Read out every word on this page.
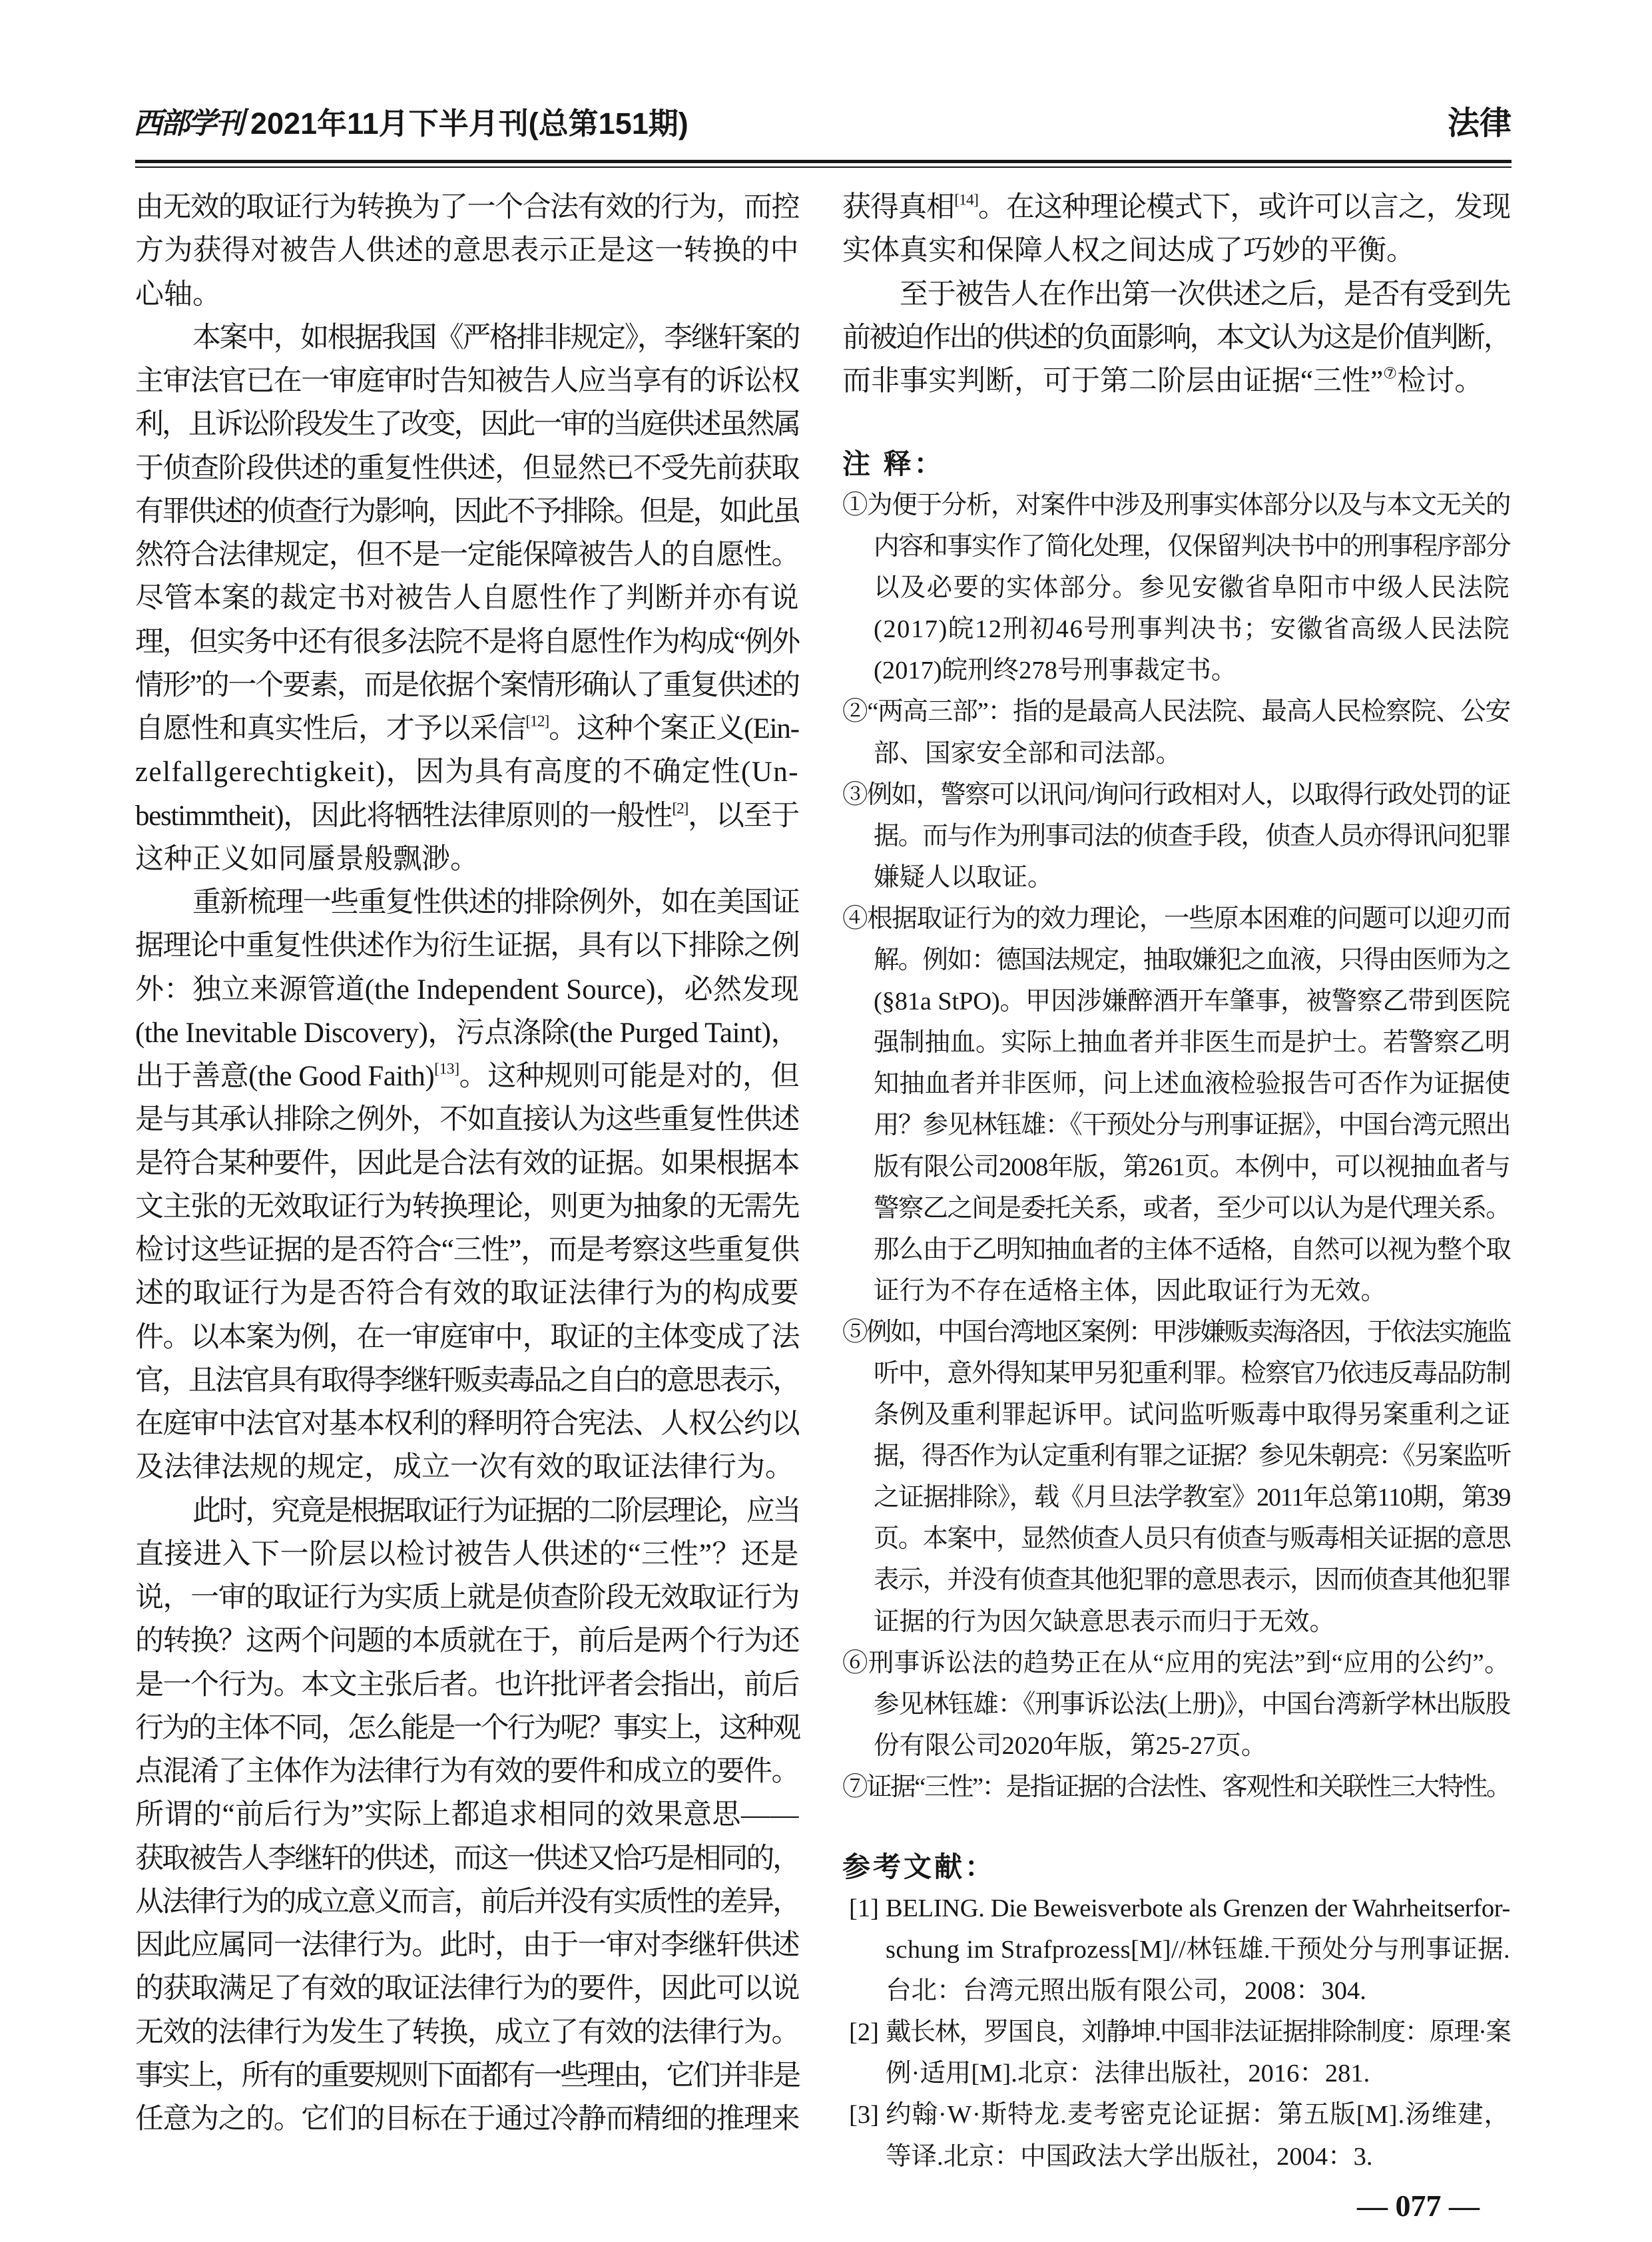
西部学刊 2021年11月下半月刊(总第151期)	法律
由无效的取证行为转换为了一个合法有效的行为，而控
方为获得对被告人供述的意思表示正是这一转换的中
心轴。
本案中，如根据我国《严格排非规定》，李继轩案的
主审法官已在一审庭审时告知被告人应当享有的诉讼权
利，且诉讼阶段发生了改变，因此一审的当庭供述虽然属
于侦查阶段供述的重复性供述，但显然已不受先前获取
有罪供述的侦查行为影响，因此不予排除。但是，如此虽
然符合法律规定，但不是一定能保障被告人的自愿性。
尽管本案的裁定书对被告人自愿性作了判断并亦有说
理，但实务中还有很多法院不是将自愿性作为构成“例外
情形”的一个要素，而是依据个案情形确认了重复供述的
自愿性和真实性后，才予以采信[12]。这种个案正义(Ein-
zelfallgerechtigkeit)，因为具有高度的不确定性(Un-
bestimmtheit)，因此将牺牲法律原则的一般性[2]，以至于
这种正义如同蜃景般飘渺。
重新梳理一些重复性供述的排除例外，如在美国证
据理论中重复性供述作为衍生证据，具有以下排除之例
外：独立来源管道(the Independent Source)，必然发现
(the Inevitable Discovery)，污点涤除(the Purged Taint)，
出于善意(the Good Faith)[13]。这种规则可能是对的，但
是与其承认排除之例外，不如直接认为这些重复性供述
是符合某种要件，因此是合法有效的证据。如果根据本
文主张的无效取证行为转换理论，则更为抽象的无需先
检讨这些证据的是否符合“三性”，而是考察这些重复供
述的取证行为是否符合有效的取证法律行为的构成要
件。以本案为例，在一审庭审中，取证的主体变成了法
官，且法官具有取得李继轩贩卖毒品之自白的意思表示，
在庭审中法官对基本权利的释明符合宪法、人权公约以
及法律法规的规定，成立一次有效的取证法律行为。
此时，究竟是根据取证行为证据的二阶层理论，应当
直接进入下一阶层以检讨被告人供述的“三性”？还是
说，一审的取证行为实质上就是侦查阶段无效取证行为
的转换？这两个问题的本质就在于，前后是两个行为还
是一个行为。本文主张后者。也许批评者会指出，前后
行为的主体不同，怎么能是一个行为呢？事实上，这种观
点混淆了主体作为法律行为有效的要件和成立的要件。
所谓的“前后行为”实际上都追求相同的效果意思——
获取被告人李继轩的供述，而这一供述又恰巧是相同的，
从法律行为的成立意义而言，前后并没有实质性的差异，
因此应属同一法律行为。此时，由于一审对李继轩供述
的获取满足了有效的取证法律行为的要件，因此可以说
无效的法律行为发生了转换，成立了有效的法律行为。
事实上，所有的重要规则下面都有一些理由，它们并非是
任意为之的。它们的目标在于通过冷静而精细的推理来
获得真相[14]。在这种理论模式下，或许可以言之，发现
实体真实和保障人权之间达成了巧妙的平衡。
至于被告人在作出第一次供述之后，是否有受到先
前被迫作出的供述的负面影响，本文认为这是价值判断，
而非事实判断，可于第二阶层由证据“三性”⑦检讨。
注 释：
①为便于分析，对案件中涉及刑事实体部分以及与本文无关的
内容和事实作了简化处理，仅保留判决书中的刑事程序部分
以及必要的实体部分。参见安徽省阜阳市中级人民法院
(2017)皖12刑初46号刑事判决书；安徽省高级人民法院
(2017)皖刑终278号刑事裁定书。
②“两高三部”：指的是最高人民法院、最高人民检察院、公安
部、国家安全部和司法部。
③例如，警察可以讯问/询问行政相对人，以取得行政处罚的证
据。而与作为刑事司法的侦查手段，侦查人员亦得讯问犯罪
嫌疑人以取证。
④根据取证行为的效力理论，一些原本困难的问题可以迎刃而
解。例如：德国法规定，抽取嫌犯之血液，只得由医师为之
(§81a StPO)。甲因涉嫌醉酒开车肇事，被警察乙带到医院
强制抽血。实际上抽血者并非医生而是护士。若警察乙明
知抽血者并非医师，问上述血液检验报告可否作为证据使
用？参见林钰雄：《干预处分与刑事证据》，中国台湾元照出
版有限公司2008年版，第261页。本例中，可以视抽血者与
警察乙之间是委托关系，或者，至少可以认为是代理关系。
那么由于乙明知抽血者的主体不适格，自然可以视为整个取
证行为不存在适格主体，因此取证行为无效。
⑤例如，中国台湾地区案例：甲涉嫌贩卖海洛因，于依法实施监
听中，意外得知某甲另犯重利罪。检察官乃依违反毒品防制
条例及重利罪起诉甲。试问监听贩毒中取得另案重利之证
据，得否作为认定重利有罪之证据？参见朱朝亮：《另案监听
之证据排除》，载《月旦法学教室》2011年总第110期，第39
页。本案中，显然侦查人员只有侦查与贩毒相关证据的意思
表示，并没有侦查其他犯罪的意思表示，因而侦查其他犯罪
证据的行为因欠缺意思表示而归于无效。
⑥刑事诉讼法的趋势正在从“应用的宪法”到“应用的公约”。
参见林钰雄：《刑事诉讼法(上册)》，中国台湾新学林出版股
份有限公司2020年版，第25-27页。
⑦证据“三性”：是指证据的合法性、客观性和关联性三大特性。
参考文献：
[1] BELING. Die Beweisverbote als Grenzen der Wahrheitserfor-
schung im Strafprozess[M]//林钰雄.干预处分与刑事证据.
台北：台湾元照出版有限公司，2008：304.
[2] 戴长林，罗国良，刘静坤.中国非法证据排除制度：原理·案
例·适用[M].北京：法律出版社，2016：281.
[3] 约翰·W·斯特龙.麦考密克论证据：第五版[M].汤维建，
等译.北京：中国政法大学出版社，2004：3.
— 077 —
